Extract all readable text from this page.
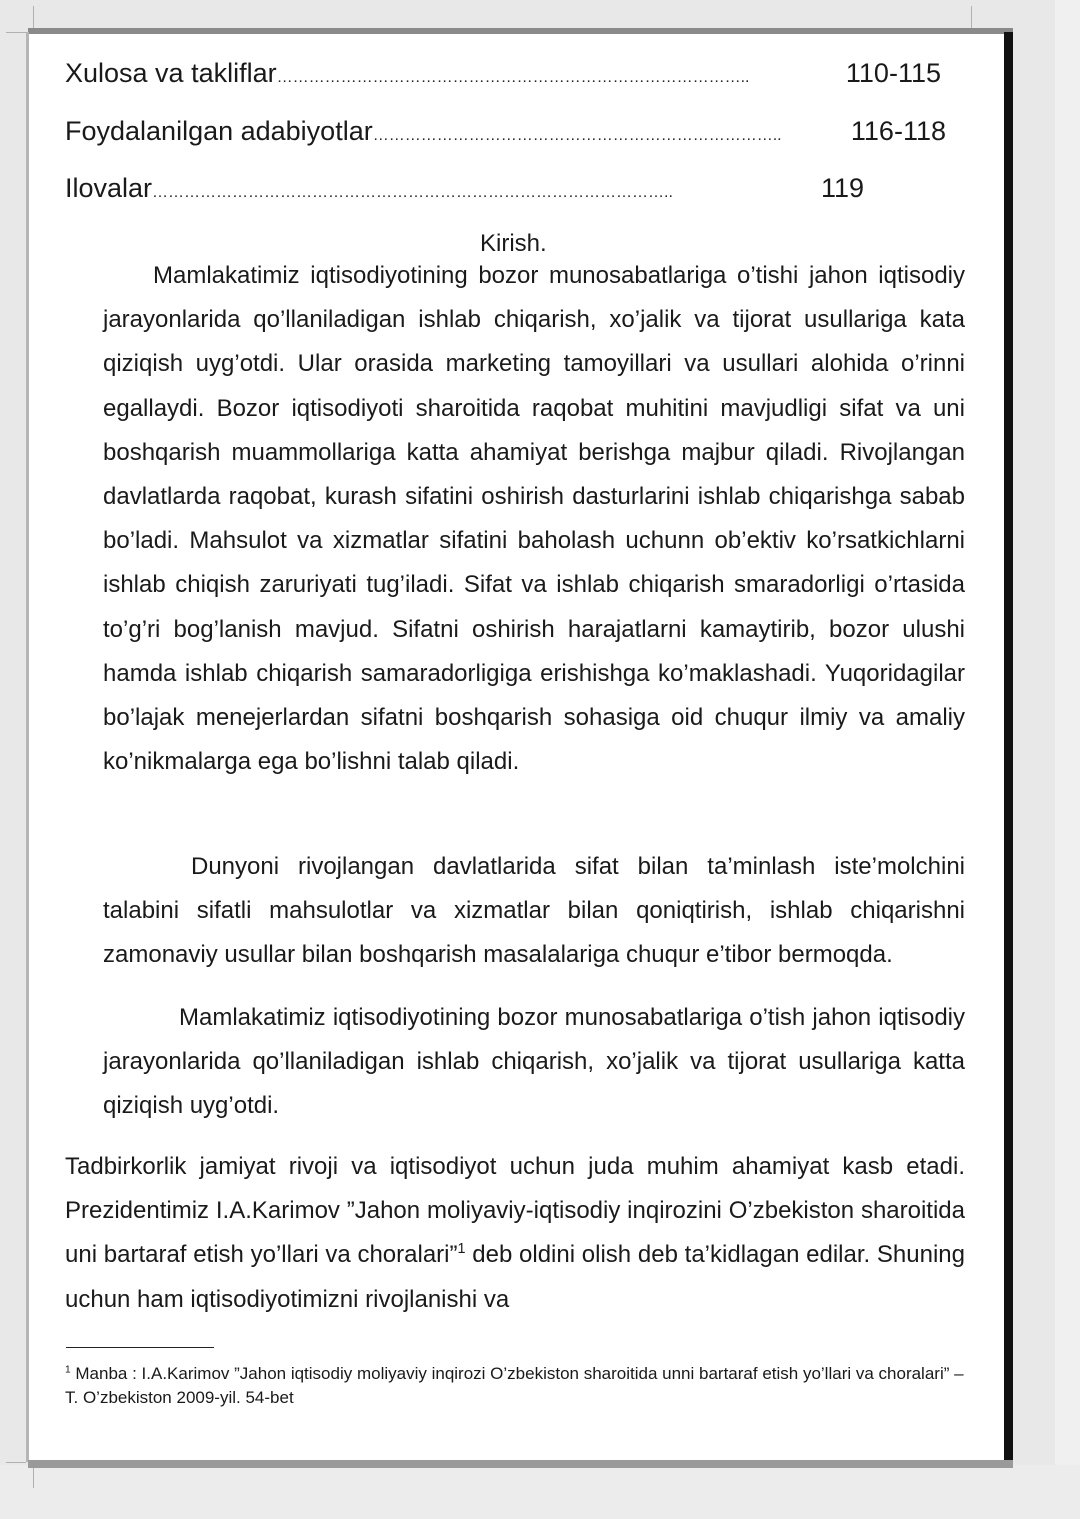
Xulosa va takliflar ……………………………………………………………………………..	110-115
Foydalanilgan adabiyotlar …………………………………………………………………..	116-118
Ilovalar ……………………………………………………………………………………..	119
Kirish.
Mamlakatimiz iqtisodiyotining bozor munosabatlariga o’tishi jahon iqtisodiy jarayonlarida qo’llaniladigan ishlab chiqarish, xo’jalik va tijorat usullariga kata qiziqish uyg’otdi. Ular orasida marketing tamoyillari va usullari alohida o’rinni egallaydi. Bozor iqtisodiyoti sharoitida raqobat muhitini mavjudligi sifat va uni boshqarish muammollariga katta ahamiyat berishga majbur qiladi. Rivojlangan davlatlarda raqobat, kurash sifatini oshirish dasturlarini ishlab chiqarishga sabab bo’ladi. Mahsulot va xizmatlar sifatini baholash uchunn ob’ektiv ko’rsatkichlarni ishlab chiqish zaruriyati tug’iladi. Sifat va ishlab chiqarish smaradorligi o’rtasida to’g’ri bog’lanish mavjud. Sifatni oshirish harajatlarni kamaytirib, bozor ulushi hamda ishlab chiqarish samaradorligiga erishishga ko’maklashadi. Yuqoridagilar bo’lajak menejerlardan sifatni boshqarish sohasiga oid chuqur ilmiy va amaliy ko’nikmalarga ega bo’lishni talab qiladi.
Dunyoni rivojlangan davlatlarida sifat bilan ta’minlash iste’molchini talabini sifatli mahsulotlar va xizmatlar bilan qoniqtirish, ishlab chiqarishni zamonaviy usullar bilan boshqarish masalalariga chuqur e’tibor bermoqda.
Mamlakatimiz iqtisodiyotining bozor munosabatlariga o’tish jahon iqtisodiy jarayonlarida qo’llaniladigan ishlab chiqarish, xo’jalik va tijorat usullariga katta qiziqish uyg’otdi.
Tadbirkorlik jamiyat rivoji va iqtisodiyot uchun juda muhim ahamiyat kasb etadi. Prezidentimiz I.A.Karimov ”Jahon moliyaviy-iqtisodiy inqirozini O’zbekiston sharoitida uni bartaraf etish yo’llari va choralari”$^1$ deb oldini olish deb ta’kidlagan edilar. Shuning uchun ham iqtisodiyotimizni rivojlanishi va
$^1$ Manba : I.A.Karimov ”Jahon iqtisodiy moliyaviy inqirozi O’zbekiston sharoitida unni bartaraf etish yo’llari va choralari” –
T. O’zbekiston 2009-yil. 54-bet
